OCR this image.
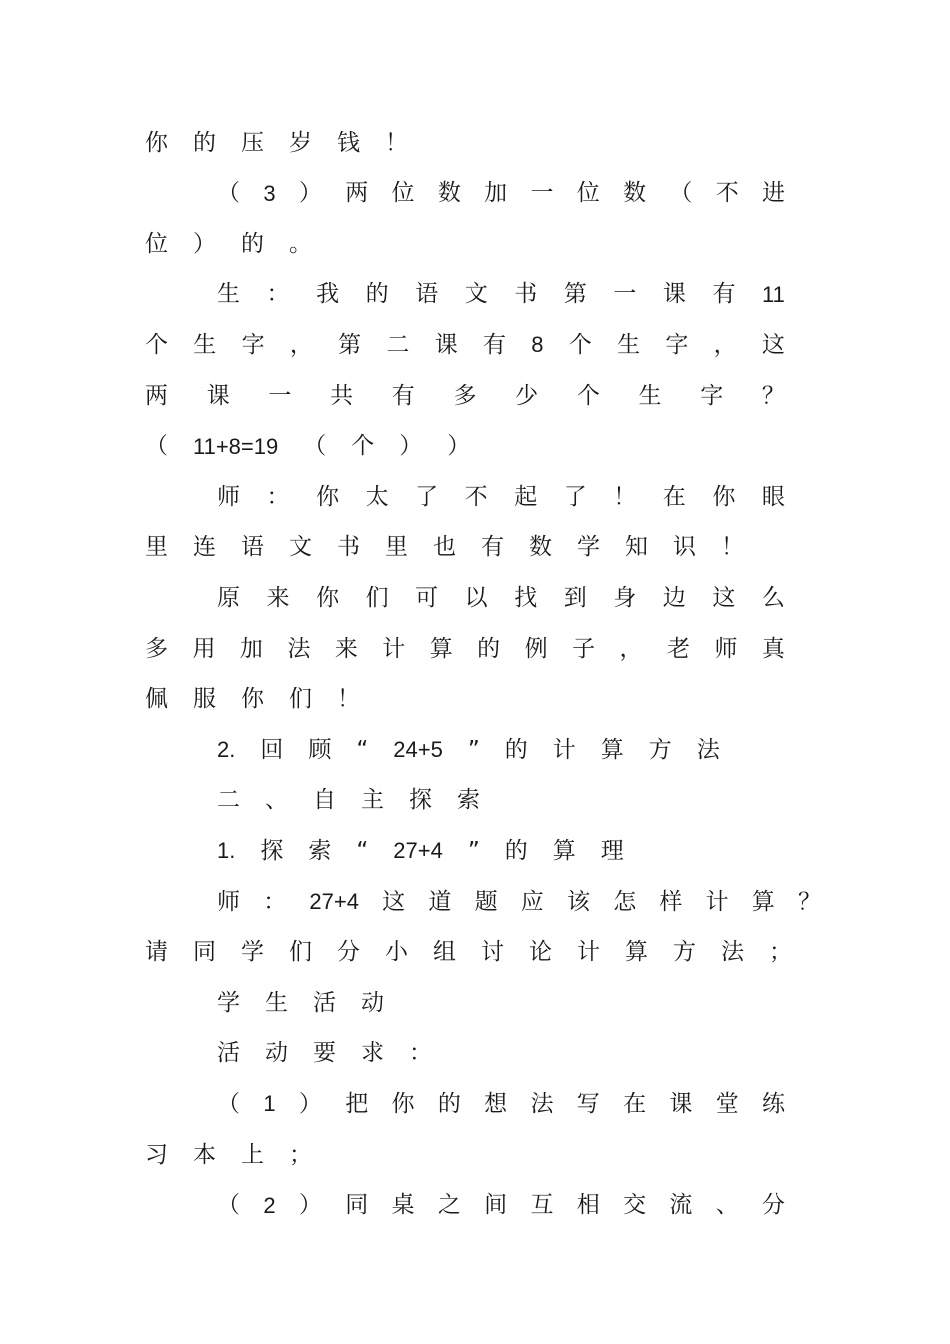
你 的 压 岁 钱 ！
（ 3 ） 两 位 数 加 一 位 数 （ 不 进
位 ） 的 。
生 ： 我 的 语 文 书 第 一 课 有 11
个 生 字 ， 第 二 课 有 8 个 生 字 ， 这
两 课 一 共 有 多 少 个 生 字 ？
（ 11+8=19 （ 个 ） ）
师 ： 你 太 了 不 起 了 ！ 在 你 眼
里 连 语 文 书 里 也 有 数 学 知 识 ！
原 来 你 们 可 以 找 到 身 边 这 么
多 用 加 法 来 计 算 的 例 子 ， 老 师 真
佩 服 你 们 ！
2. 回 顾 “ 24+5 ” 的 计 算 方 法
二 、 自 主 探 索
1. 探 索 “ 27+4 ” 的 算 理
师 ： 27+4 这 道 题 应 该 怎 样 计 算 ？
请 同 学 们 分 小 组 讨 论 计 算 方 法 ；
学 生 活 动
活 动 要 求 ：
（ 1 ） 把 你 的 想 法 写 在 课 堂 练
习 本 上 ；
（ 2 ） 同 桌 之 间 互 相 交 流 、 分
